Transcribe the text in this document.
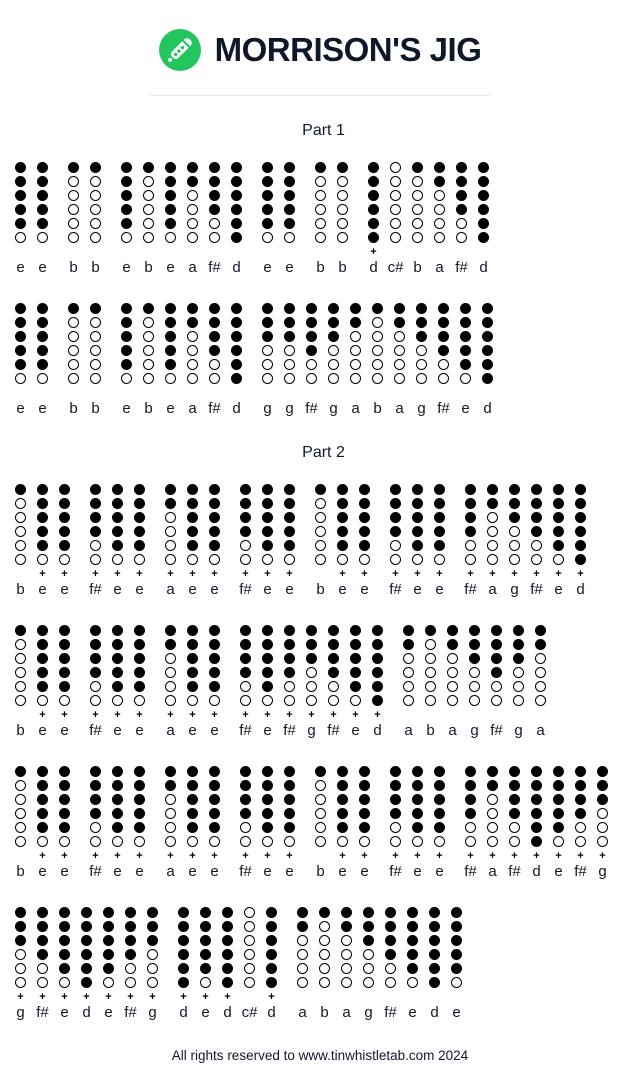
MORRISON'S JIG
Part 1
e e b b e b e a f# d e e b b
+
d c# b a f# d
e e b b e b e a f# d g g f# g a b a g f# e d
Part 2
b
+
e
+
e
+
f#
+
e
+
e
+
a
+
e
+
e
+
f#
+
e
+
e b
+
e
+
e
+
f#
+
e
+
e
+
f#
+
a
+
g
+
f#
+
e
+
d
b
+
e
+
e
+
f#
+
e
+
e
+
a
+
e
+
e
+
f#
+
e
+
f#
+
g
+
f#
+
e
+
d a b a g f# g a
b
+
e
+
e
+
f#
+
e
+
e
+
a
+
e
+
e
+
f#
+
e
+
e b
+
e
+
e
+
f#
+
e
+
e
+
f#
+
a
+
f#
+
d
+
e
+
f#
+
g
+
g
+
f#
+
e
+
d
+
e
+
f#
+
g
+
d
+
e
+
d c#
+
d a b a g f# e d e
All rights reserved to www.tinwhistletab.com 2024
